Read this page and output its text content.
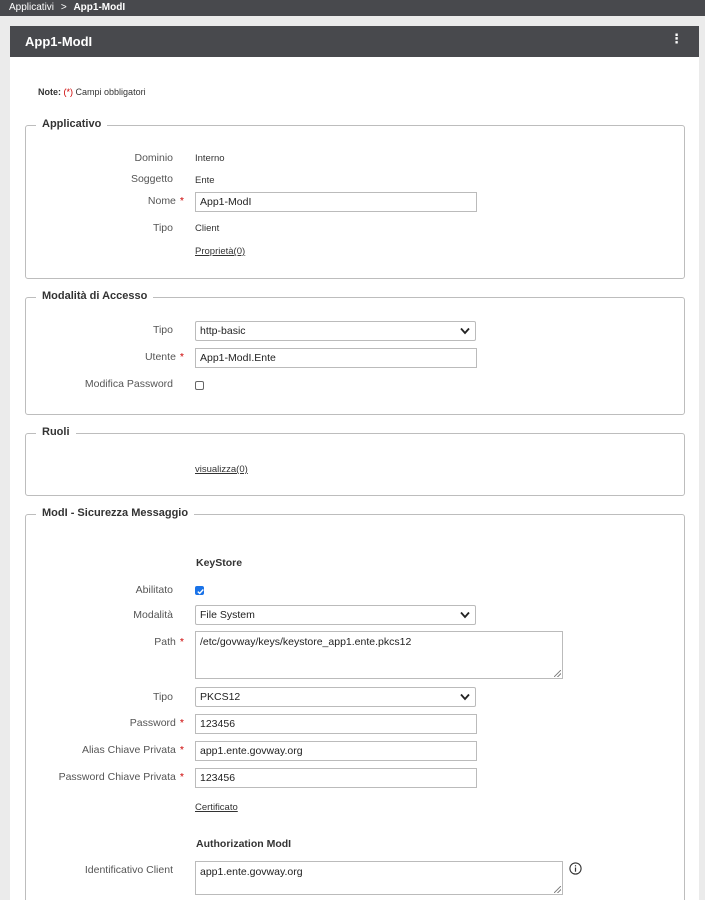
Applicativi > App1-ModI
App1-ModI	⋮
Note: (*) Campi obbligatori
Applicativo
Dominio Interno
Soggetto Ente
Nome *	App1-ModI
Tipo Client
Proprietà(0)
Modalità di Accesso
Tipo	http-basic
Utente *	App1-ModI.Ente
Modifica Password
Ruoli
visualizza(0)
ModI - Sicurezza Messaggio
KeyStore
Abilitato
Modalità	File System
Path *	/etc/govway/keys/keystore_app1.ente.pkcs12
Tipo	PKCS12
Password *	123456
Alias Chiave Privata *	app1.ente.govway.org
Password Chiave Privata *	123456
Certificato
Authorization ModI
Identificativo Client	app1.ente.govway.org
